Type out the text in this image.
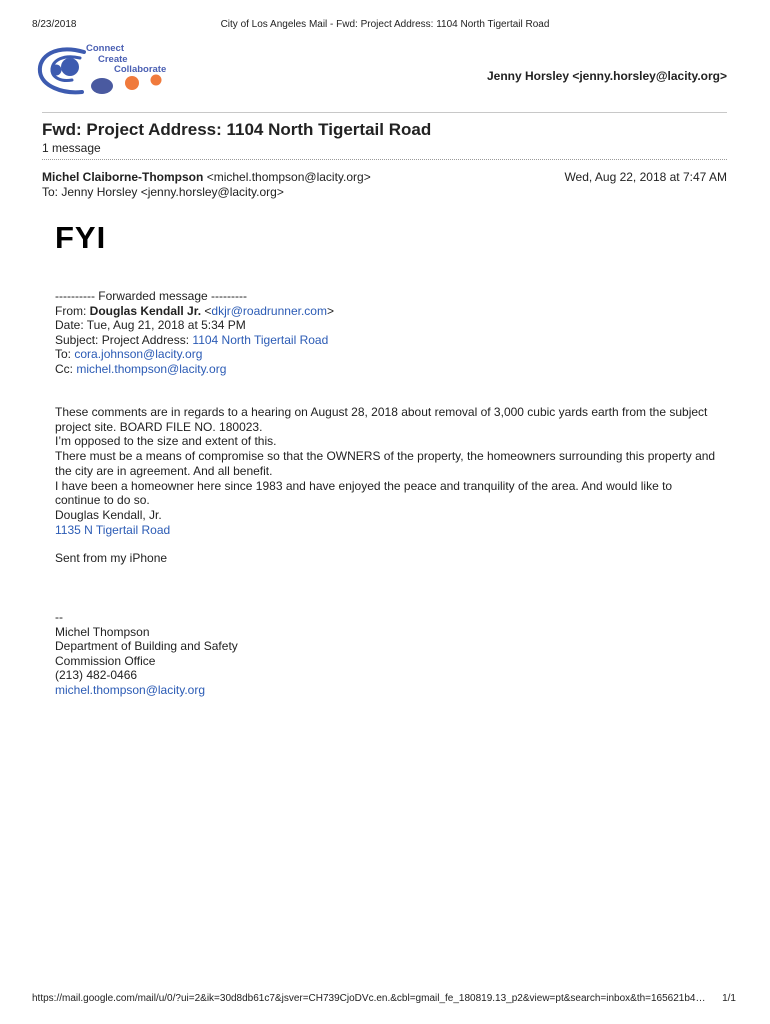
8/23/2018	City of Los Angeles Mail - Fwd: Project Address: 1104 North Tigertail Road
Connect
Create
Collaborate	Jenny Horsley <jenny.horsley@lacity.org>
Fwd: Project Address: 1104 North Tigertail Road
1 message
Michel Claiborne-Thompson <michel.thompson@lacity.org>	Wed, Aug 22, 2018 at 7:47 AM
To: Jenny Horsley <jenny.horsley@lacity.org>
FYI
---------- Forwarded message ---------
From: Douglas Kendall Jr. <dkjr@roadrunner.com>
Date: Tue, Aug 21, 2018 at 5:34 PM
Subject: Project Address: 1104 North Tigertail Road
To: cora.johnson@lacity.org
Cc: michel.thompson@lacity.org

These comments are in regards to a hearing on August 28, 2018 about removal of 3,000 cubic yards earth from the subject project site. BOARD FILE NO. 180023.

I’m opposed to the size and extent of this.

There must be a means of compromise so that the OWNERS of the property, the homeowners surrounding this property and the city are in agreement. And all benefit.

I have been a homeowner here since 1983 and have enjoyed the peace and tranquility of the area. And would like to continue to do so.

Douglas Kendall, Jr.

1135 N Tigertail Road

Sent from my iPhone
--
Michel Thompson
Department of Building and Safety
Commission Office
(213) 482-0466
michel.thompson@lacity.org
https://mail.google.com/mail/u/0/?ui=2&ik=30d8db61c7&jsver=CH739CjoDVc.en.&cbl=gmail_fe_180819.13_p2&view=pt&search=inbox&th=165621b4… 1/1
